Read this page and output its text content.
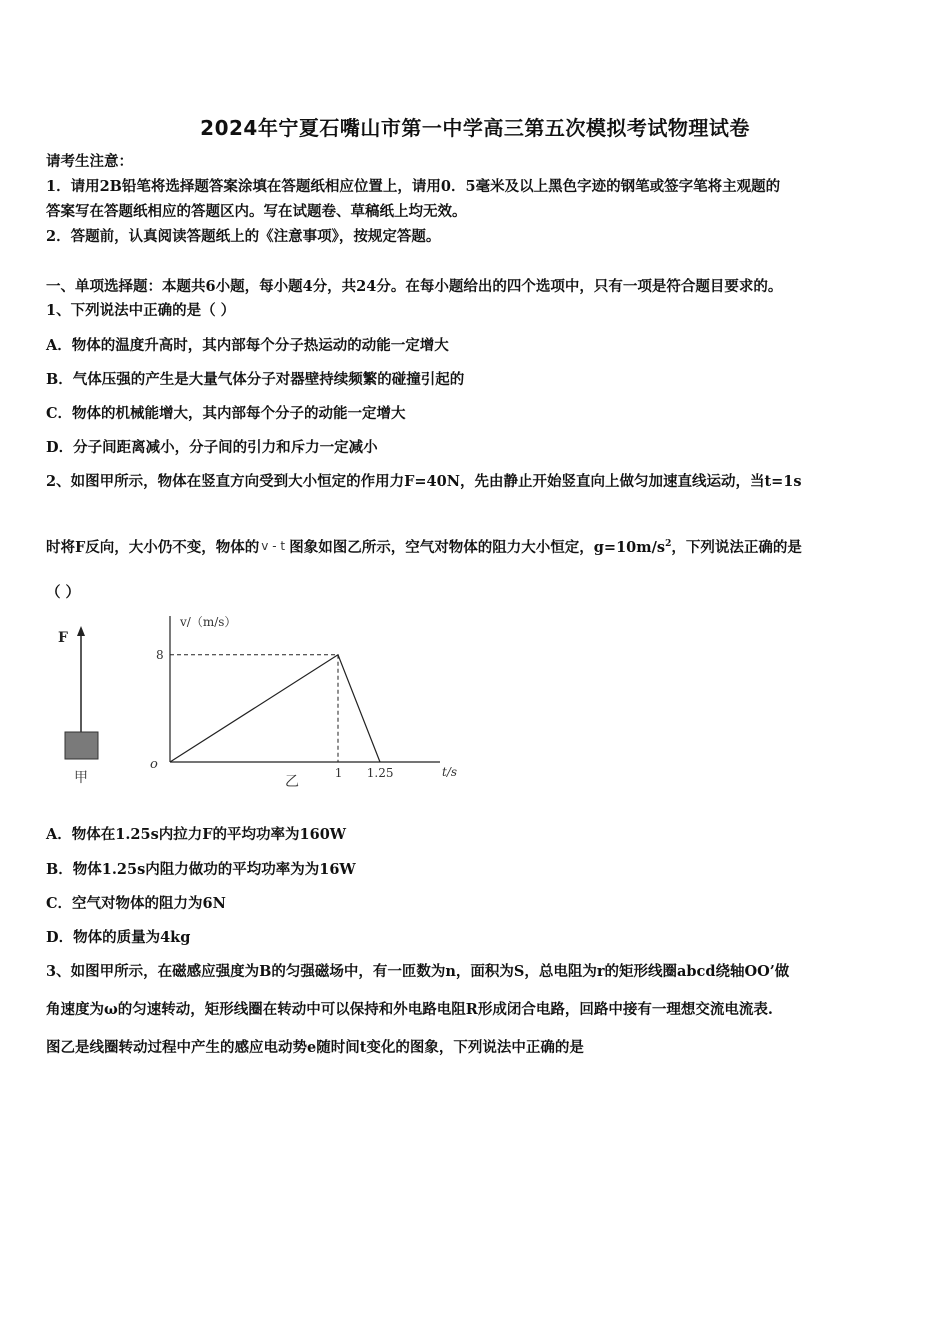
2024年宁夏石嘴山市第一中学高三第五次模拟考试物理试卷
请考生注意：
1．请用2B铅笔将选择题答案涂填在答题纸相应位置上，请用0．5毫米及以上黑色字迹的钢笔或签字笔将主观题的
答案写在答题纸相应的答题区内。写在试题卷、草稿纸上均无效。
2．答题前，认真阅读答题纸上的《注意事项》，按规定答题。
一、单项选择题：本题共6小题，每小题4分，共24分。在每小题给出的四个选项中，只有一项是符合题目要求的。
1、下列说法中正确的是（ ）
A．物体的温度升高时，其内部每个分子热运动的动能一定增大
B．气体压强的产生是大量气体分子对器壁持续频繁的碰撞引起的
C．物体的机械能增大，其内部每个分子的动能一定增大
D．分子间距离减小，分子间的引力和斥力一定减小
2、如图甲所示，物体在竖直方向受到大小恒定的作用力F=40N，先由静止开始竖直向上做匀加速直线运动，当t=1s
时将F反向，大小仍不变，物体的 v - t 图象如图乙所示，空气对物体的阻力大小恒定，$g=10m/s^2$，下列说法正确的是
（ ）
F
甲
v/（m/s）
t/s
o
乙
8
1 1.25
A．物体在1.25s内拉力F的平均功率为160W
B．物体1.25s内阻力做功的平均功率为为16W
C．空气对物体的阻力为6N
D．物体的质量为4kg
3、如图甲所示，在磁感应强度为B的匀强磁场中，有一匝数为n，面积为S，总电阻为r的矩形线圈abcd绕轴OO’做
角速度为ω的匀速转动，矩形线圈在转动中可以保持和外电路电阻R形成闭合电路，回路中接有一理想交流电流表.
图乙是线圈转动过程中产生的感应电动势e随时间t变化的图象，下列说法中正确的是
